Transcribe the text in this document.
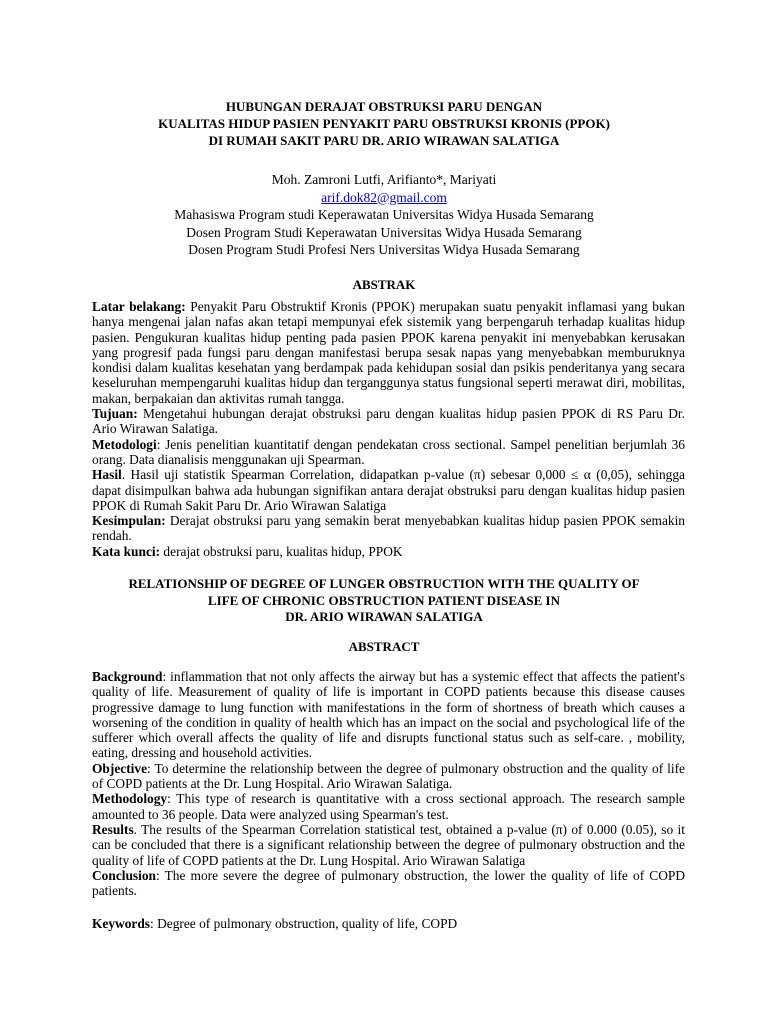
HUBUNGAN DERAJAT OBSTRUKSI PARU DENGAN
KUALITAS HIDUP PASIEN PENYAKIT PARU OBSTRUKSI KRONIS (PPOK)
DI RUMAH SAKIT PARU DR. ARIO WIRAWAN SALATIGA
Moh. Zamroni Lutfi, Arifianto*, Mariyati
arif.dok82@gmail.com
Mahasiswa Program studi Keperawatan Universitas Widya Husada Semarang
Dosen Program Studi Keperawatan Universitas Widya Husada Semarang
Dosen Program Studi Profesi Ners Universitas Widya Husada Semarang
ABSTRAK

Latar belakang: Penyakit Paru Obstruktif Kronis (PPOK) merupakan suatu penyakit inflamasi yang bukan hanya mengenai jalan nafas akan tetapi mempunyai efek sistemik yang berpengaruh terhadap kualitas hidup pasien. Pengukuran kualitas hidup penting pada pasien PPOK karena penyakit ini menyebabkan kerusakan yang progresif pada fungsi paru dengan manifestasi berupa sesak napas yang menyebabkan memburuknya kondisi dalam kualitas kesehatan yang berdampak pada kehidupan sosial dan psikis penderitanya yang secara keseluruhan mempengaruhi kualitas hidup dan terganggunya status fungsional seperti merawat diri, mobilitas, makan, berpakaian dan aktivitas rumah tangga.

Tujuan: Mengetahui hubungan derajat obstruksi paru dengan kualitas hidup pasien PPOK di RS Paru Dr. Ario Wirawan Salatiga.

Metodologi: Jenis penelitian kuantitatif dengan pendekatan cross sectional. Sampel penelitian berjumlah 36 orang. Data dianalisis menggunakan uji Spearman.

Hasil. Hasil uji statistik Spearman Correlation, didapatkan p-value (π) sebesar 0,000 ≤ α (0,05), sehingga dapat disimpulkan bahwa ada hubungan signifikan antara derajat obstruksi paru dengan kualitas hidup pasien PPOK di Rumah Sakit Paru Dr. Ario Wirawan Salatiga

Kesimpulan: Derajat obstruksi paru yang semakin berat menyebabkan kualitas hidup pasien PPOK semakin rendah.

Kata kunci: derajat obstruksi paru, kualitas hidup, PPOK

RELATIONSHIP OF DEGREE OF LUNGER OBSTRUCTION WITH THE QUALITY OF
LIFE OF CHRONIC OBSTRUCTION PATIENT DISEASE IN
DR. ARIO WIRAWAN SALATIGA
ABSTRACT

Background: inflammation that not only affects the airway but has a systemic effect that affects the patient's quality of life. Measurement of quality of life is important in COPD patients because this disease causes progressive damage to lung function with manifestations in the form of shortness of breath which causes a worsening of the condition in quality of health which has an impact on the social and psychological life of the sufferer which overall affects the quality of life and disrupts functional status such as self-care. , mobility, eating, dressing and household activities.

Objective: To determine the relationship between the degree of pulmonary obstruction and the quality of life of COPD patients at the Dr. Lung Hospital. Ario Wirawan Salatiga.

Methodology: This type of research is quantitative with a cross sectional approach. The research sample amounted to 36 people. Data were analyzed using Spearman's test.

Results. The results of the Spearman Correlation statistical test, obtained a p-value (π) of 0.000 (0.05), so it can be concluded that there is a significant relationship between the degree of pulmonary obstruction and the quality of life of COPD patients at the Dr. Lung Hospital. Ario Wirawan Salatiga

Conclusion: The more severe the degree of pulmonary obstruction, the lower the quality of life of COPD patients.

Keywords: Degree of pulmonary obstruction, quality of life, COPD
